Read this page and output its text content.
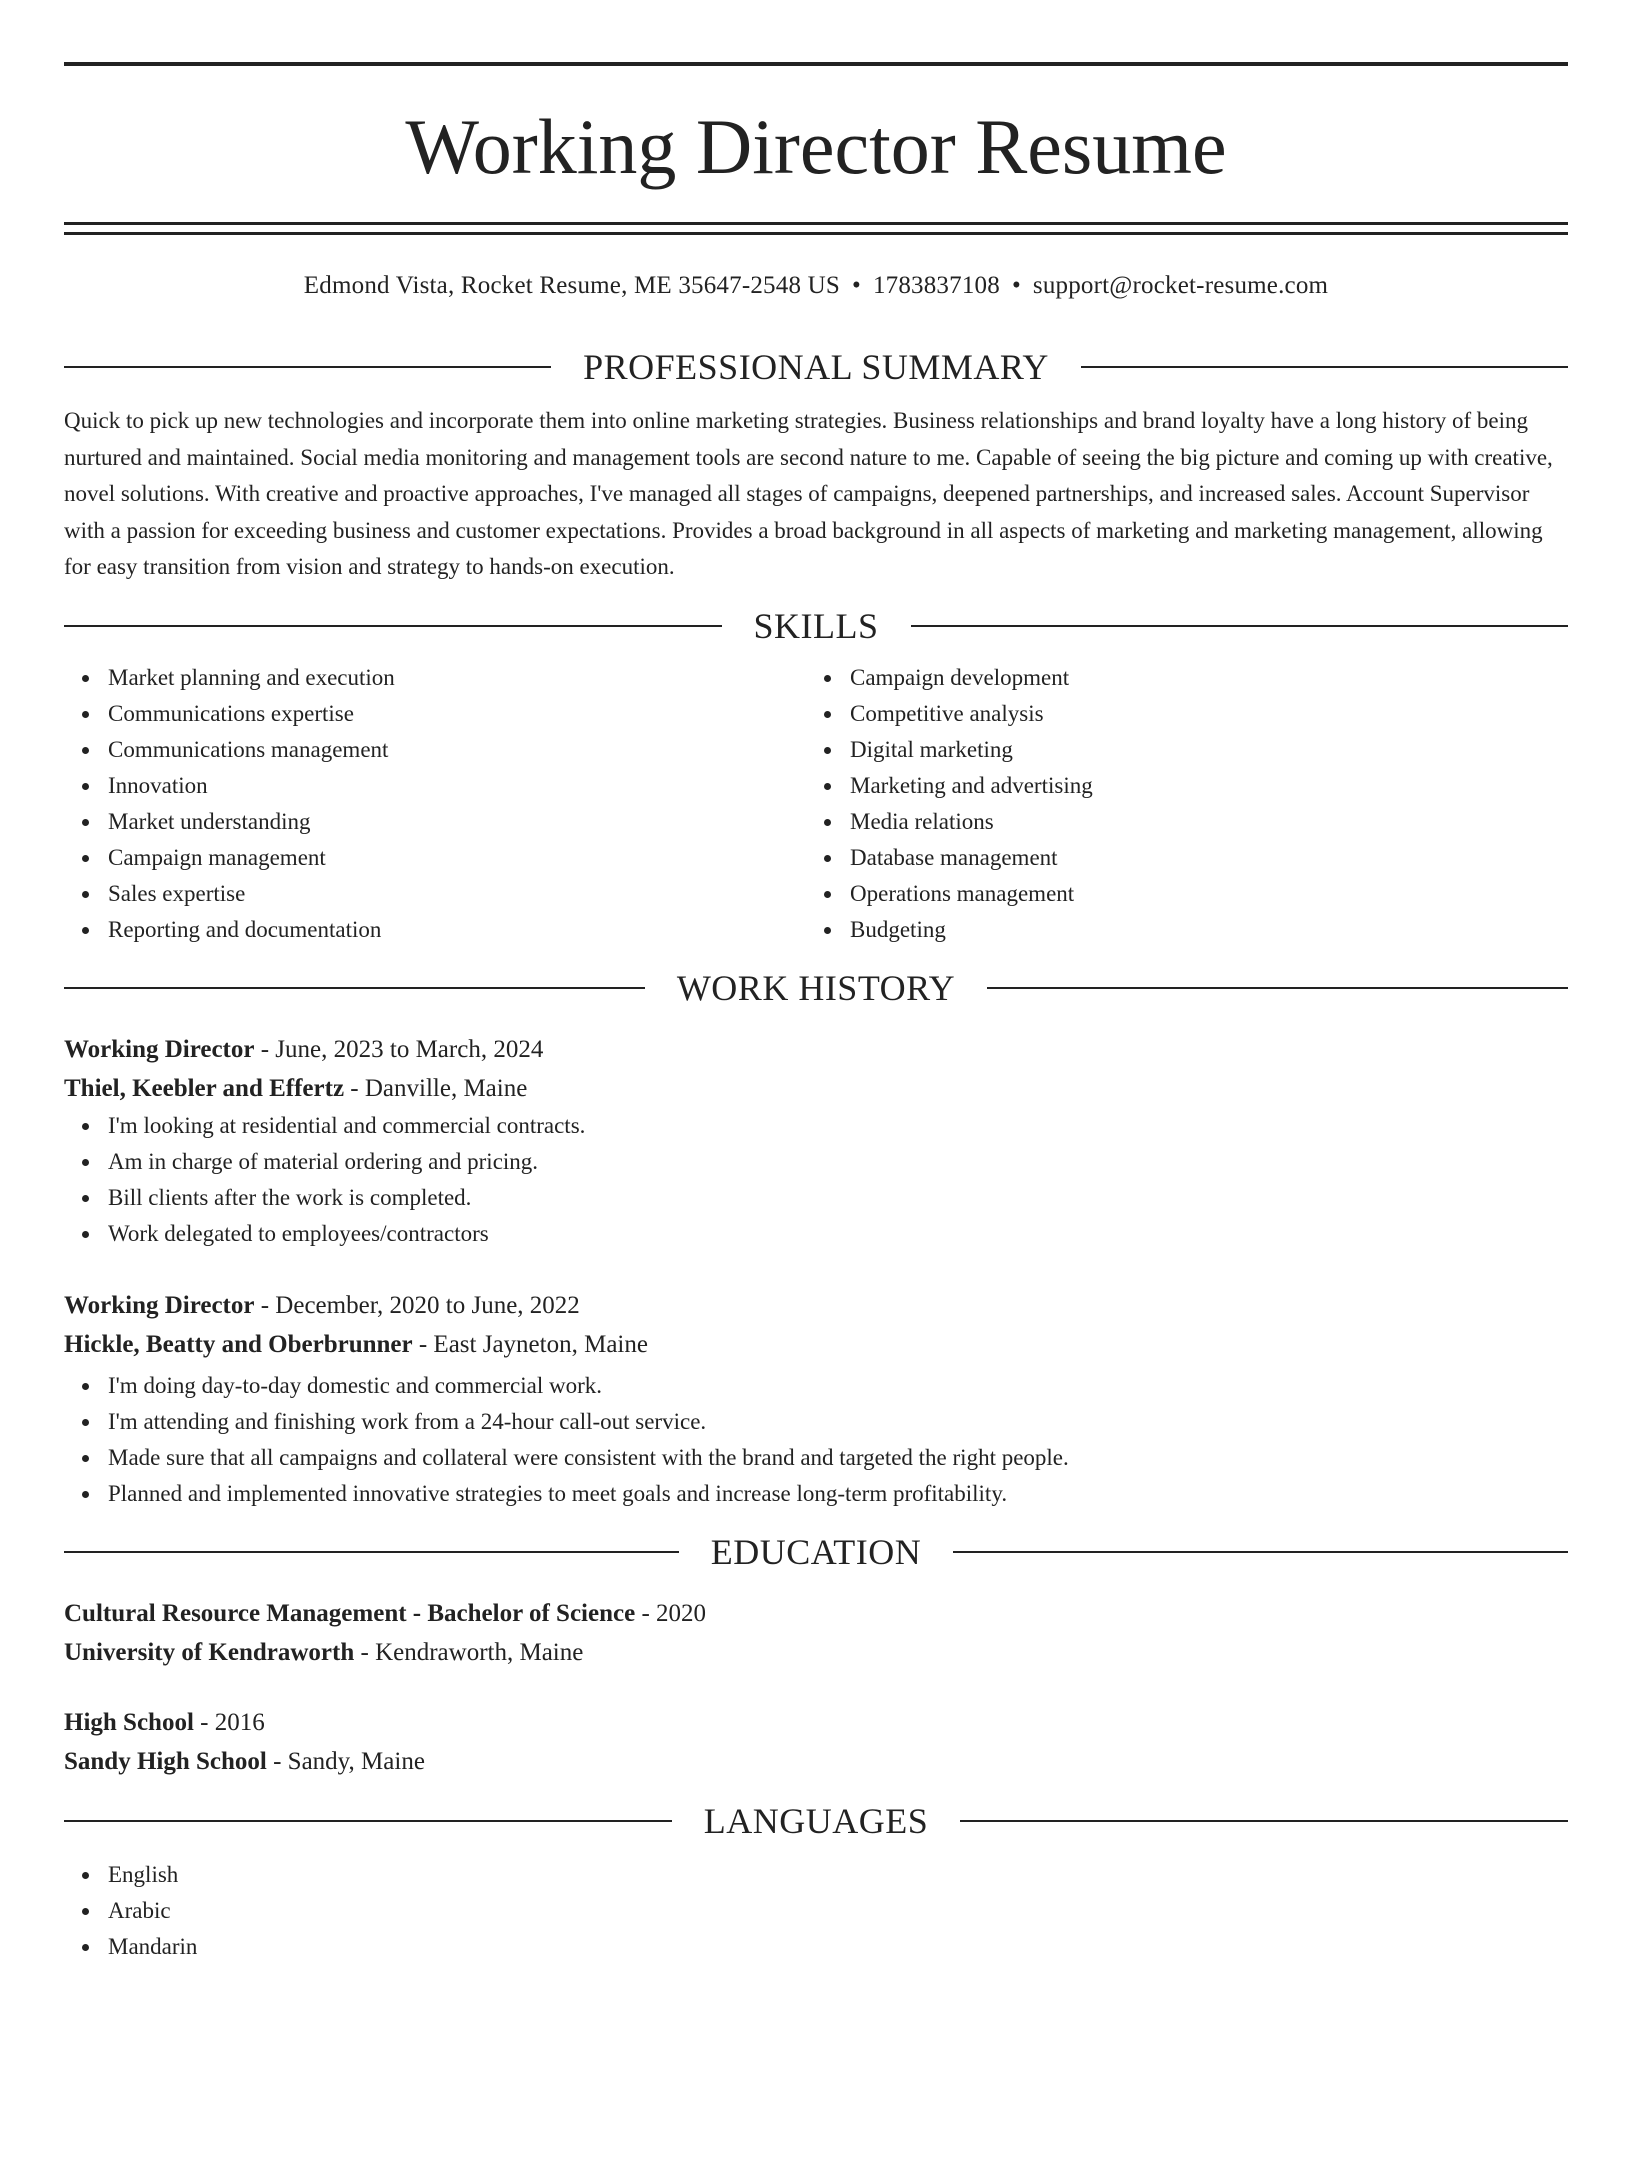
Working Director Resume
Edmond Vista, Rocket Resume, ME 35647-2548 US • 1783837108 • support@rocket-resume.com
PROFESSIONAL SUMMARY

Quick to pick up new technologies and incorporate them into online marketing strategies. Business relationships and brand loyalty have a long history of being nurtured and maintained. Social media monitoring and management tools are second nature to me. Capable of seeing the big picture and coming up with creative, novel solutions. With creative and proactive approaches, I've managed all stages of campaigns, deepened partnerships, and increased sales. Account Supervisor with a passion for exceeding business and customer expectations. Provides a broad background in all aspects of marketing and marketing management, allowing for easy transition from vision and strategy to hands-on execution.

SKILLS
Market planning and execution
Communications expertise
Communications management
Innovation
Market understanding
Campaign management
Sales expertise
Reporting and documentation
Campaign development
Competitive analysis
Digital marketing
Marketing and advertising
Media relations
Database management
Operations management
Budgeting
WORK HISTORY
Working Director - June, 2023 to March, 2024
Thiel, Keebler and Effertz - Danville, Maine
I'm looking at residential and commercial contracts.
Am in charge of material ordering and pricing.
Bill clients after the work is completed.
Work delegated to employees/contractors
Working Director - December, 2020 to June, 2022
Hickle, Beatty and Oberbrunner - East Jayneton, Maine
I'm doing day-to-day domestic and commercial work.
I'm attending and finishing work from a 24-hour call-out service.
Made sure that all campaigns and collateral were consistent with the brand and targeted the right people.
Planned and implemented innovative strategies to meet goals and increase long-term profitability.
EDUCATION
Cultural Resource Management - Bachelor of Science - 2020
University of Kendraworth - Kendraworth, Maine
High School - 2016
Sandy High School - Sandy, Maine
LANGUAGES
English
Arabic
Mandarin
